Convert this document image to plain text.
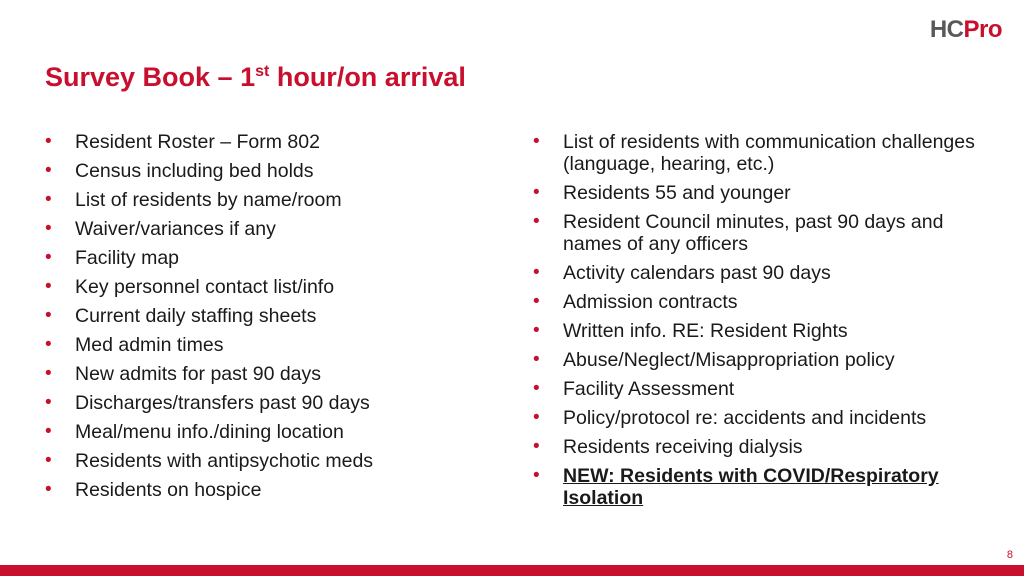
HCPro
Survey Book – 1st hour/on arrival
• Resident Roster – Form 802
• Census including bed holds
• List of residents by name/room
• Waiver/variances if any
• Facility map
• Key personnel contact list/info
• Current daily staffing sheets
• Med admin times
• New admits for past 90 days
• Discharges/transfers past 90 days
• Meal/menu info./dining location
• Residents with antipsychotic meds
• Residents on hospice
• List of residents with communication challenges (language, hearing, etc.)
• Residents 55 and younger
• Resident Council minutes, past 90 days and names of any officers
• Activity calendars past 90 days
• Admission contracts
• Written info. RE: Resident Rights
• Abuse/Neglect/Misappropriation policy
• Facility Assessment
• Policy/protocol re: accidents and incidents
• Residents receiving dialysis
• NEW: Residents with COVID/Respiratory Isolation
8
